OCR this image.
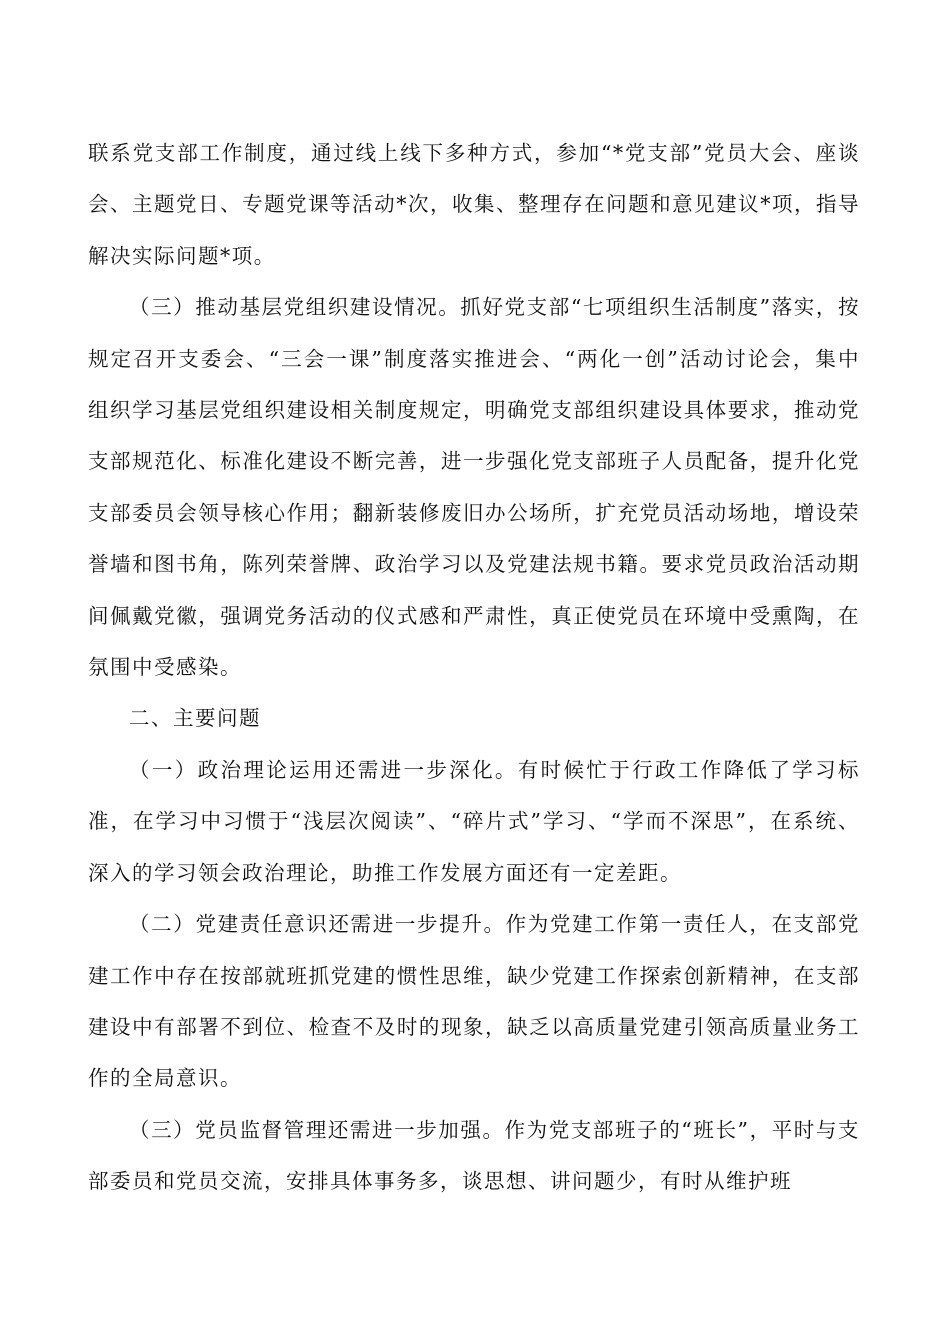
联系党支部工作制度，通过线上线下多种方式，参加“*党支部”党员大会、座谈会、主题党日、专题党课等活动*次，收集、整理存在问题和意见建议*项，指导解决实际问题*项。

（三）推动基层党组织建设情况。抓好党支部“七项组织生活制度”落实，按规定召开支委会、“三会一课”制度落实推进会、“两化一创”活动讨论会，集中组织学习基层党组织建设相关制度规定，明确党支部组织建设具体要求，推动党支部规范化、标准化建设不断完善，进一步强化党支部班子人员配备，提升化党支部委员会领导核心作用；翻新装修废旧办公场所，扩充党员活动场地，增设荣誉墙和图书角，陈列荣誉牌、政治学习以及党建法规书籍。要求党员政治活动期间佩戴党徽，强调党务活动的仪式感和严肃性，真正使党员在环境中受熏陶，在氛围中受感染。

二、主要问题

（一）政治理论运用还需进一步深化。有时候忙于行政工作降低了学习标准，在学习中习惯于“浅层次阅读”、“碎片式”学习、“学而不深思”，在系统、深入的学习领会政治理论，助推工作发展方面还有一定差距。

（二）党建责任意识还需进一步提升。作为党建工作第一责任人，在支部党建工作中存在按部就班抓党建的惯性思维，缺少党建工作探索创新精神，在支部建设中有部署不到位、检查不及时的现象，缺乏以高质量党建引领高质量业务工作的全局意识。

（三）党员监督管理还需进一步加强。作为党支部班子的“班长”，平时与支部委员和党员交流，安排具体事务多，谈思想、讲问题少，有时从维护班
